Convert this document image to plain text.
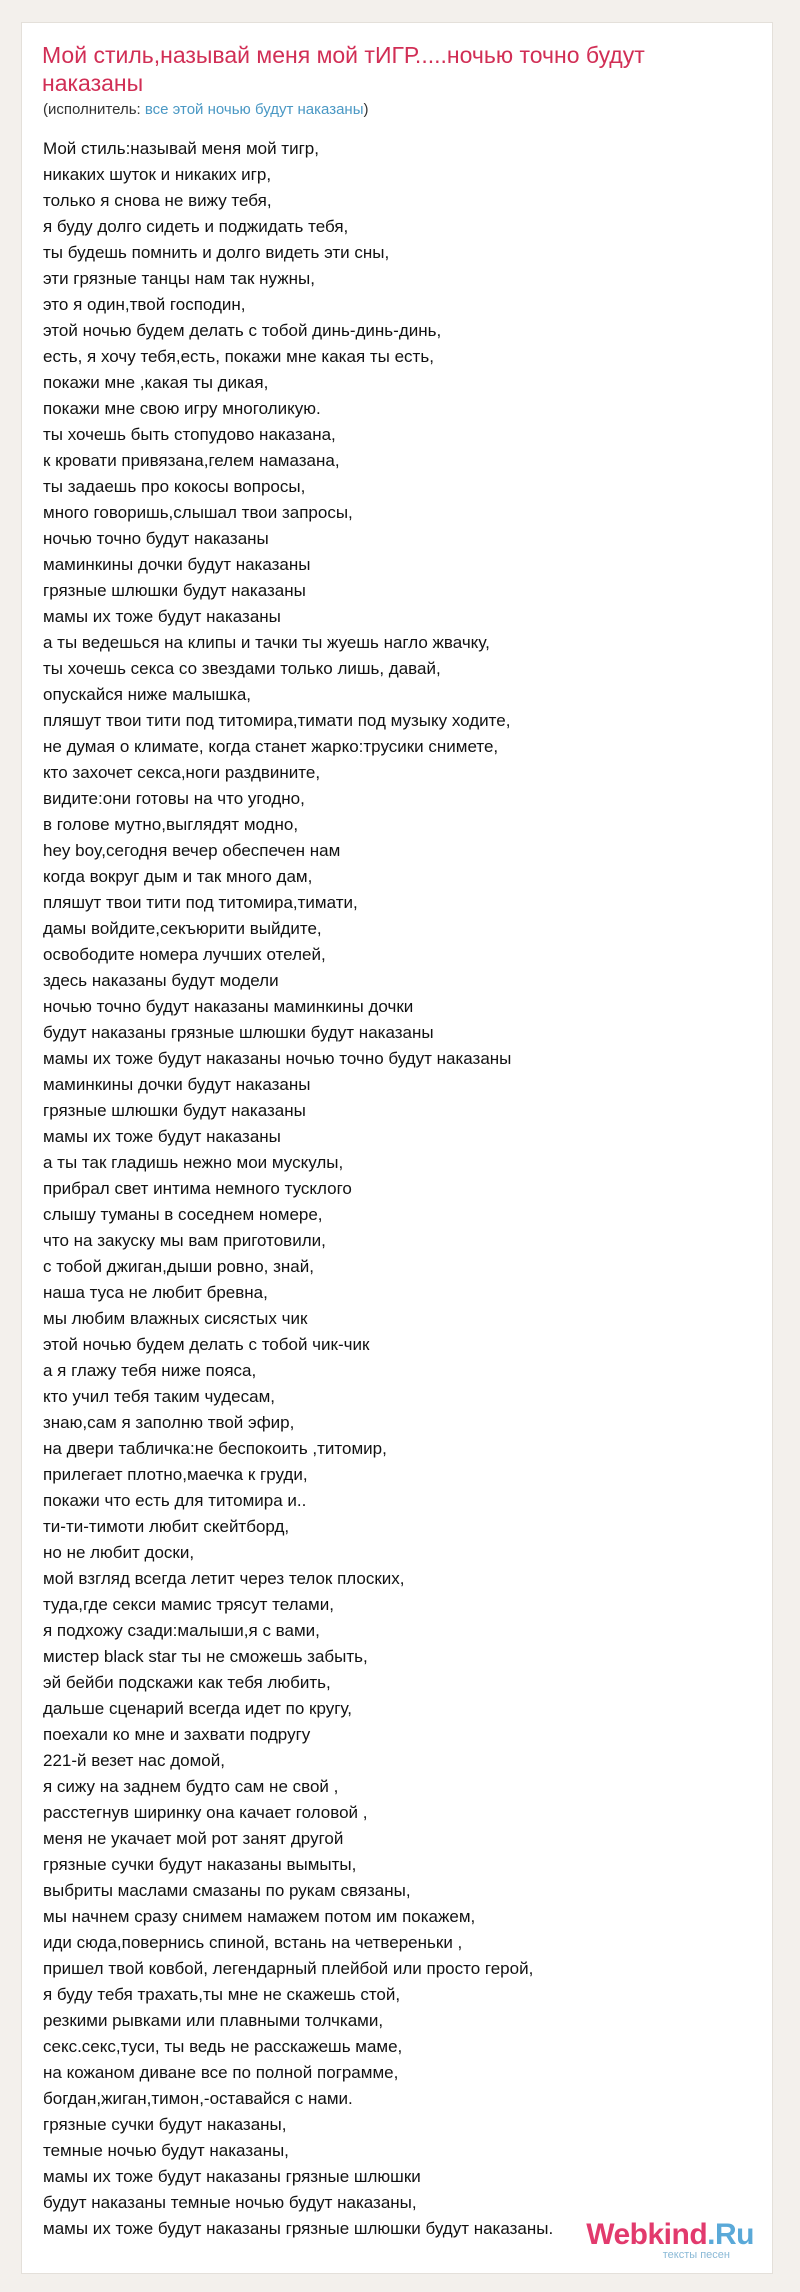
Мой стиль,называй меня мой тИГР.....ночью точно будут наказаны
(исполнитель: все этой ночью будут наказаны)
Мой стиль:называй меня мой тигр,
никаких шуток и никаких игр,
только я снова не вижу тебя,
я буду долго сидеть и поджидать тебя,
ты будешь помнить и долго видеть эти сны,
эти грязные танцы нам так нужны,
это я один,твой господин,
этой ночью будем делать с тобой динь-динь-динь,
есть, я хочу тебя,есть, покажи мне какая ты есть,
покажи мне ,какая ты дикая,
покажи мне свою игру многоликую.
ты хочешь быть стопудово наказана,
к кровати привязана,гелем намазана,
ты задаешь про кокосы вопросы,
много говоришь,слышал твои запросы,
ночью точно будут наказаны
маминкины дочки будут наказаны
грязные шлюшки будут наказаны
мамы их тоже будут наказаны
а ты ведешься на клипы и тачки ты жуешь нагло жвачку,
ты хочешь секса со звездами только лишь, давай,
опускайся ниже малышка,
пляшут твои тити под титомира,тимати под музыку ходите,
не думая о климате, когда станет жарко:трусики снимете,
кто захочет секса,ноги раздвините,
видите:они готовы на что угодно,
в голове мутно,выглядят модно,
hey boy,сегодня вечер обеспечен нам
когда вокруг дым и так много дам,
пляшут твои тити под титомира,тимати,
дамы войдите,секъюрити выйдите,
освободите номера лучших отелей,
здесь наказаны будут модели
ночью точно будут наказаны маминкины дочки
будут наказаны грязные шлюшки будут наказаны
мамы их тоже будут наказаны ночью точно будут наказаны
маминкины дочки будут наказаны
грязные шлюшки будут наказаны
мамы их тоже будут наказаны
а ты так гладишь нежно мои мускулы,
прибрал свет интима немного тусклого
слышу туманы в соседнем номере,
что на закуску мы вам приготовили,
с тобой джиган,дыши ровно, знай,
наша туса не любит бревна,
мы любим влажных сисястых чик
этой ночью будем делать с тобой чик-чик
а я глажу тебя ниже пояса,
кто учил тебя таким чудесам,
знаю,сам я заполню твой эфир,
на двери табличка:не беспокоить ,титомир,
прилегает плотно,маечка к груди,
покажи что есть для титомира и..
ти-ти-тимоти любит скейтборд,
но не любит доски,
мой взгляд всегда летит через телок плоских,
туда,где секси мамис трясут телами,
я подхожу сзади:малыши,я с вами,
мистер black star ты не сможешь забыть,
эй бейби подскажи как тебя любить,
дальше сценарий всегда идет по кругу,
поехали ко мне и захвати подругу
221-й везет нас домой,
я сижу на заднем будто сам не свой ,
расстегнув ширинку она качает головой ,
меня не укачает мой рот занят другой
грязные сучки будут наказаны вымыты,
выбриты маслами смазаны по рукам связаны,
мы начнем сразу снимем намажем потом им покажем,
иди сюда,повернись спиной, встань на четвереньки ,
пришел твой ковбой, легендарный плейбой или просто герой,
я буду тебя трахать,ты мне не скажешь стой,
резкими рывками или плавными толчками,
секс.секс,туси, ты ведь не расскажешь маме,
на кожаном диване все по полной пограмме,
богдан,жиган,тимон,-оставайся с нами.
грязные сучки будут наказаны,
темные ночью будут наказаны,
мамы их тоже будут наказаны грязные шлюшки
будут наказаны темные ночью будут наказаны,
мамы их тоже будут наказаны грязные шлюшки будут наказаны.	Webkind.Ru
тексты песен
